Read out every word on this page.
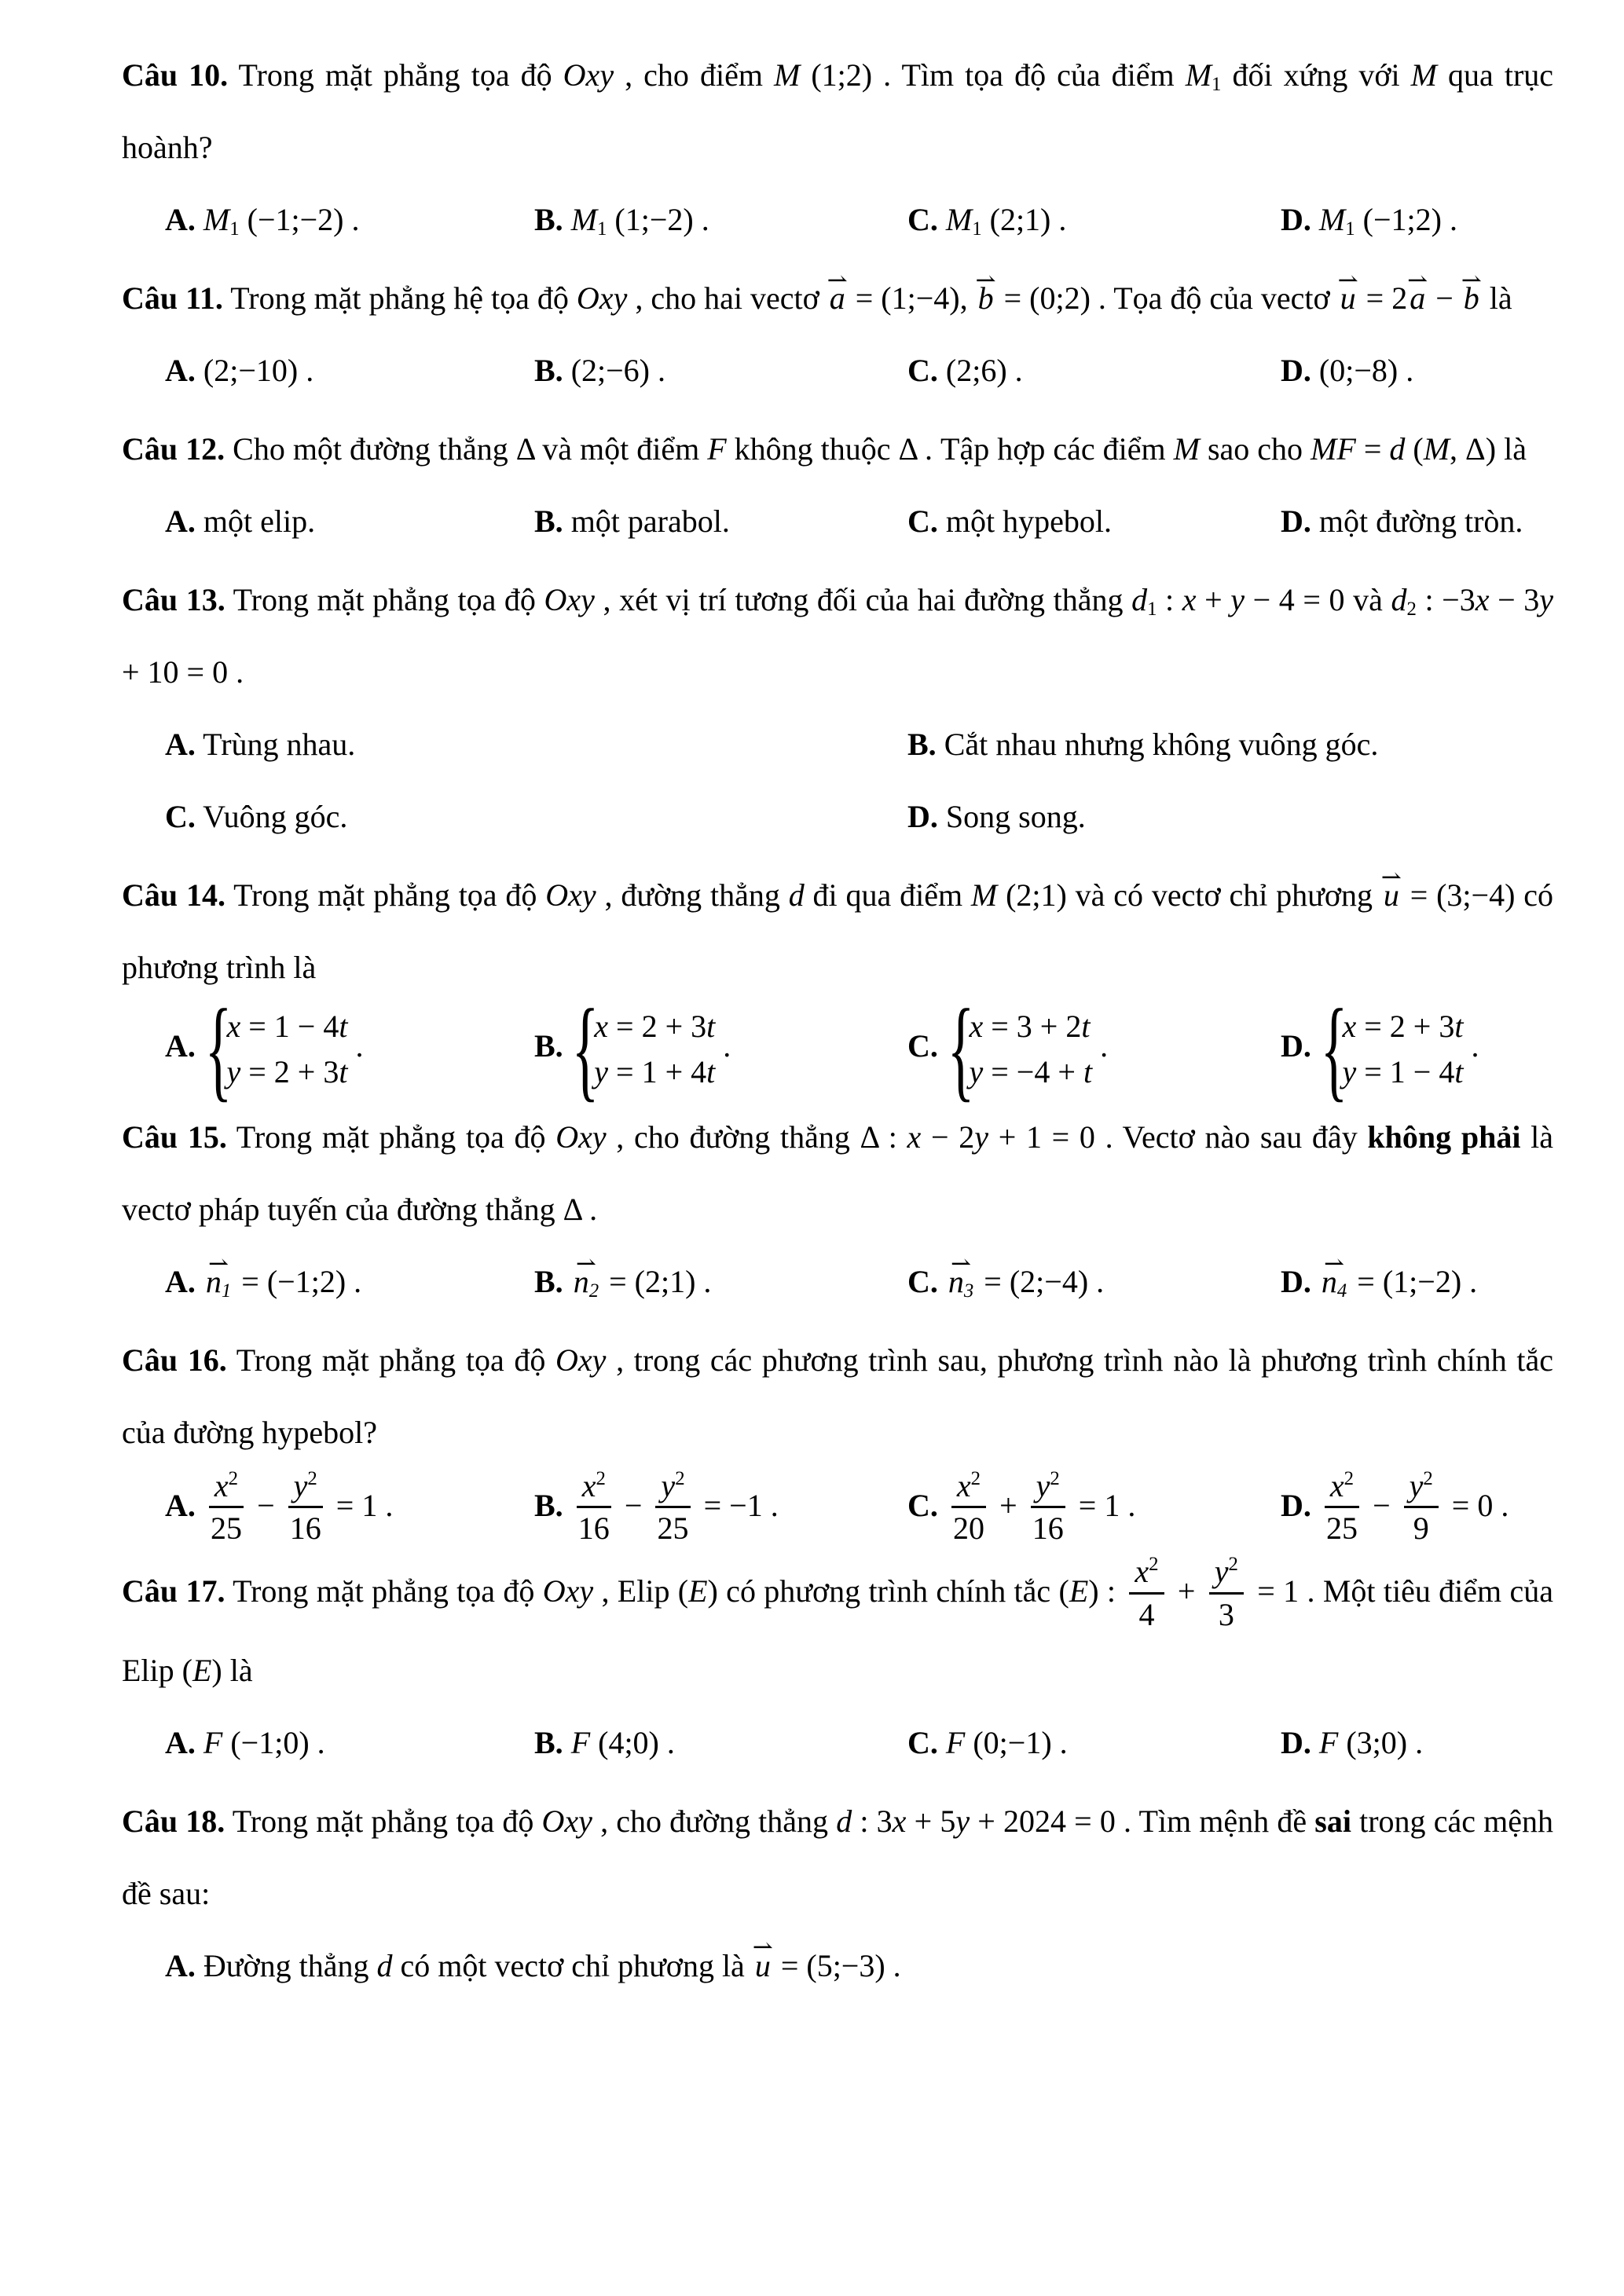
Câu 10. Trong mặt phẳng tọa độ Oxy , cho điểm M (1;2) . Tìm tọa độ của điểm $M_1$ đối xứng với M qua trục hoành?

A. $M_1$ (−1;−2) .	B. $M_1$ (1;−2) .	C. $M_1$ (2;1) .	D. $M_1$ (−1;2) .

Câu 11. Trong mặt phẳng hệ tọa độ Oxy , cho hai vectơ ⇀ a = (1;−4), ⇀ b = (0;2) . Tọa độ của vectơ ⇀ u = 2⇀ a − ⇀ b là

A. (2;−10) .	B. (2;−6) .	C. (2;6) .	D. (0;−8) .

Câu 12. Cho một đường thẳng Δ và một điểm F không thuộc Δ . Tập hợp các điểm M sao cho MF = d (M, Δ) là

A. một elip.	B. một parabol.	C. một hypebol.	D. một đường tròn.

Câu 13. Trong mặt phẳng tọa độ Oxy , xét vị trí tương đối của hai đường thẳng $d_1$ : x + y − 4 = 0 và $d_2$ : −3x − 3y + 10 = 0 .

A. Trùng nhau.	B. Cắt nhau nhưng không vuông góc.
C. Vuông góc.	D. Song song.

Câu 14. Trong mặt phẳng tọa độ Oxy , đường thẳng d đi qua điểm M (2;1) và có vectơ chỉ phương ⇀ u = (3;−4) có phương trình là

A.
{ x = 1 − 4t
y = 2 + 3t
.	B.
{ x = 2 + 3t
y = 1 + 4t
.	C.
{ x = 3 + 2t
y = −4 + t
.	D.
{ x = 2 + 3t
y = 1 − 4t
.

Câu 15. Trong mặt phẳng tọa độ Oxy , cho đường thẳng Δ : x − 2y + 1 = 0 . Vectơ nào sau đây không phải là vectơ pháp tuyến của đường thẳng Δ .

A. ⇀ $n_1$ = (−1;2) .	B. ⇀ $n_2$ = (2;1) .	C. ⇀ $n_3$ = (2;−4) .	D. ⇀ $n_4$ = (1;−2) .

Câu 16. Trong mặt phẳng tọa độ Oxy , trong các phương trình sau, phương trình nào là phương trình chính tắc của đường hypebol?

A. $\frac{x^2}{25} - \frac{y^2}{16} = 1$ .	B. $\frac{x^2}{16} - \frac{y^2}{25} = -1$ .	C. $\frac{x^2}{20} + \frac{y^2}{16} = 1$ .	D. $\frac{x^2}{25} - \frac{y^2}{9} = 0$ .

Câu 17. Trong mặt phẳng tọa độ Oxy , Elip (E) có phương trình chính tắc (E) : $\frac{x^2}{4} + \frac{y^2}{3} = 1$ . Một tiêu điểm của Elip (E) là

A. F (−1;0) .	B. F (4;0) .	C. F (0;−1) .	D. F (3;0) .

Câu 18. Trong mặt phẳng tọa độ Oxy , cho đường thẳng d : 3x + 5y + 2024 = 0 . Tìm mệnh đề sai trong các mệnh đề sau:

A. Đường thẳng d có một vectơ chỉ phương là ⇀ u = (5;−3) .
